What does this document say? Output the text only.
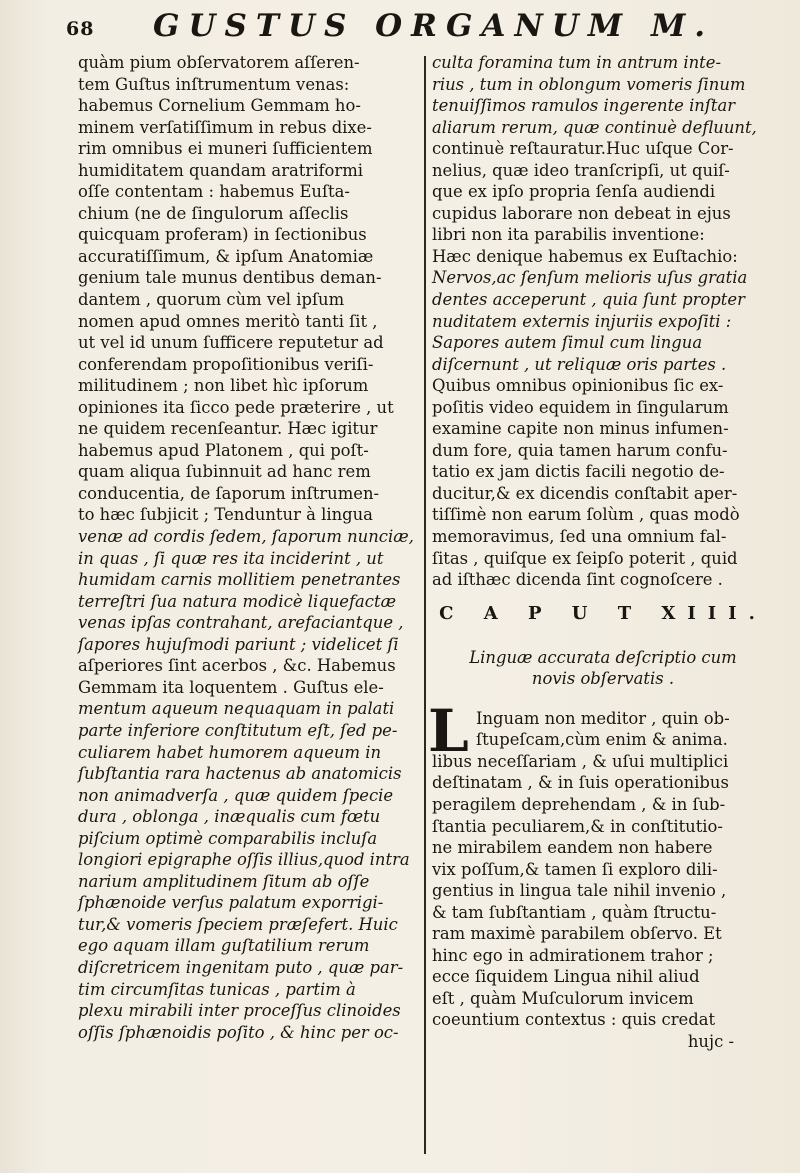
68 GUSTUS ORGANUM M.
quàm pium obſervatorem aſſeren-
tem Guſtus inſtrumentum venas:
habemus Cornelium Gemmam ho-
minem verſatiſſimum in rebus dixe-
rim omnibus ei muneri ſufficientem
humiditatem quandam aratriformi
oſſe contentam : habemus Euſta-
chium (ne de ſingulorum aſſeclis
quicquam proferam) in ſectionibus
accuratiſſimum, & ipſum Anatomiæ
genium tale munus dentibus deman-
dantem , quorum cùm vel ipſum
nomen apud omnes meritò tanti ſit ,
ut vel id unum ſufficere reputetur ad
conferendam propoſitionibus veriſi-
militudinem ; non libet hìc ipſorum
opiniones ita ſicco pede præterire , ut
ne quidem recenſeantur. Hæc igitur
habemus apud Platonem , qui poſt-
quam aliqua ſubinnuit ad hanc rem
conducentia, de ſaporum inſtrumen-
to hæc ſubjicit ; Tenduntur à lingua
venæ ad cordis ſedem, ſaporum nunciæ,
in quas , ſi quæ res ita inciderint , ut
humidam carnis mollitiem penetrantes
terreſtri ſua natura modicè liquefactæ
venas ipſas contrahant, arefaciantque ,
ſapores hujuſmodi pariunt ; videlicet ſi
aſperiores ſint acerbos , &c. Habemus
Gemmam ita loquentem . Guſtus ele-
mentum aqueum nequaquam in palati
parte inferiore conſtitutum eſt, ſed pe-
culiarem habet humorem aqueum in
ſubſtantia rara hactenus ab anatomicis
non animadverſa , quæ quidem ſpecie
dura , oblonga , inæqualis cum fœtu
piſcium optimè comparabilis incluſa
longiori epigraphe oſſis illius,quod intra
narium amplitudinem ſitum ab oſſe
ſphænoide verſus palatum exporrigi-
tur,& vomeris ſpeciem præſefert. Huic
ego aquam illam guſtatilium rerum
diſcretricem ingenitam puto , quæ par-
tim circumſitas tunicas , partim à
plexu mirabili inter proceſſus clinoides
oſſis ſphænoidis poſito , & hinc per oc-
culta foramina tum in antrum inte-
rius , tum in oblongum vomeris ſinum
tenuiſſimos ramulos ingerente inſtar
aliarum rerum, quæ continuè defluunt,
continuè reſtauratur.Huc uſque Cor-
nelius, quæ ideo tranſcripſi, ut quiſ-
que ex ipſo propria ſenſa audiendi
cupidus laborare non debeat in ejus
libri non ita parabilis inventione:
Hæc denique habemus ex Euſtachio:
Nervos,ac ſenſum melioris uſus gratia
dentes acceperunt , quia ſunt propter
nuditatem externis injuriis expoſiti :
Sapores autem ſimul cum lingua
diſcernunt , ut reliquæ oris partes .
Quibus omnibus opinionibus ſic ex-
poſitis video equidem in ſingularum
examine capite non minus infumen-
dum fore, quia tamen harum confu-
tatio ex jam dictis facili negotio de-
ducitur,& ex dicendis conſtabit aper-
tiſſimè non earum ſolùm , quas modò
memoravimus, ſed una omnium fal-
ſitas , quiſque ex ſeipſo poterit , quid
ad iſthæc dicenda ſint cognoſcere .
C A P U T XIII.
Linguæ accurata deſcriptio cum
novis obſervatis .
L Inguam non meditor , quin ob-
ſtupeſcam,cùm enim & anima.
libus neceſſariam , & uſui multiplici
deſtinatam , & in ſuis operationibus
peragilem deprehendam , & in ſub-
ſtantia peculiarem,& in conſtitutio-
ne mirabilem eandem non habere
vix poſſum,& tamen ſi exploro dili-
gentius in lingua tale nihil invenio ,
& tam ſubſtantiam , quàm ſtructu-
ram maximè parabilem obſervo. Et
hinc ego in admirationem trahor ;
ecce ſiquidem Lingua nihil aliud
eſt , quàm Muſculorum invicem
coeuntium contextus : quis credat
hujc -
